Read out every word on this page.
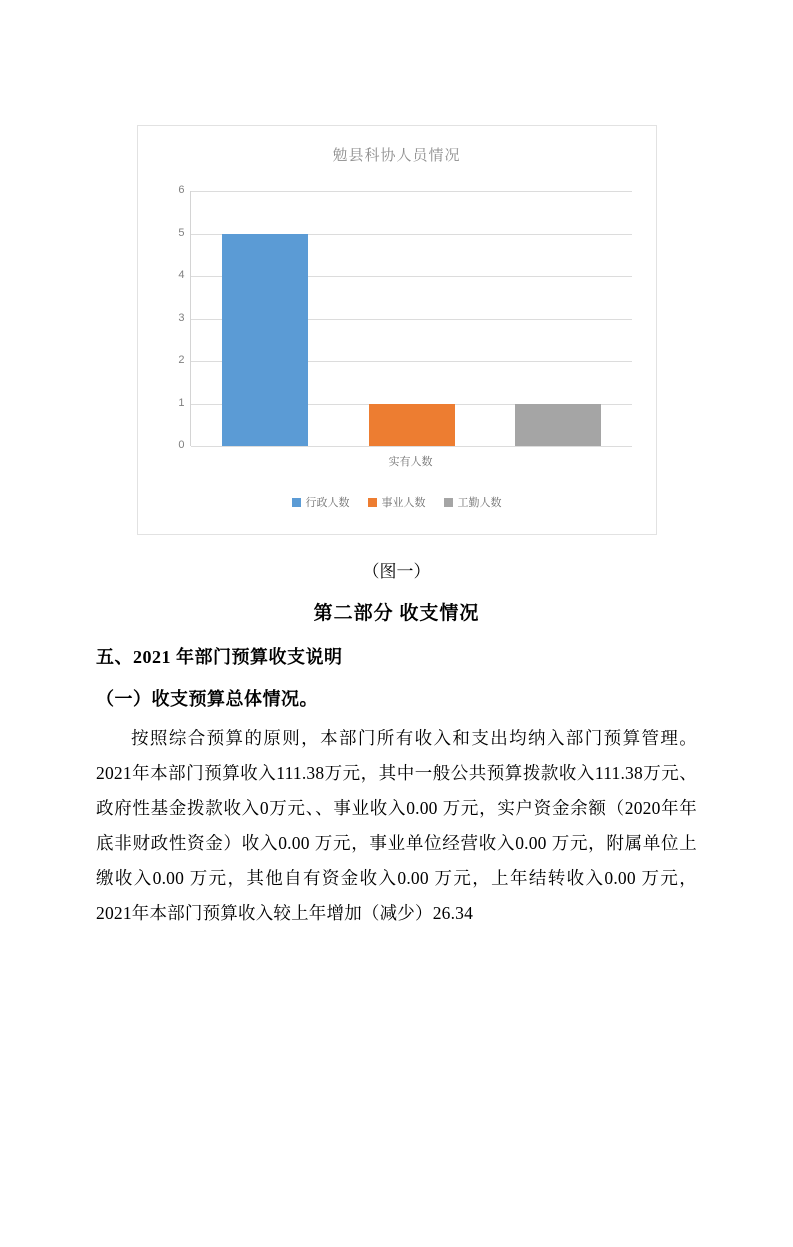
勉县科协人员情况
6
5
4
3
2
1
0
实有人数
行政人数	事业人数	工勤人数
（图一）
第二部分 收支情况
五、2021 年部门预算收支说明
（一）收支预算总体情况。
按照综合预算的原则，本部门所有收入和支出均纳入部门预算管理。2021年本部门预算收入111.38万元，其中一般公共预算拨款收入111.38万元、政府性基金拨款收入0万元、、事业收入0.00 万元，实户资金余额（2020年年底非财政性资金）收入0.00 万元，事业单位经营收入0.00 万元，附属单位上缴收入0.00 万元，其他自有资金收入0.00 万元，上年结转收入0.00 万元，2021年本部门预算收入较上年增加（减少）26.34
